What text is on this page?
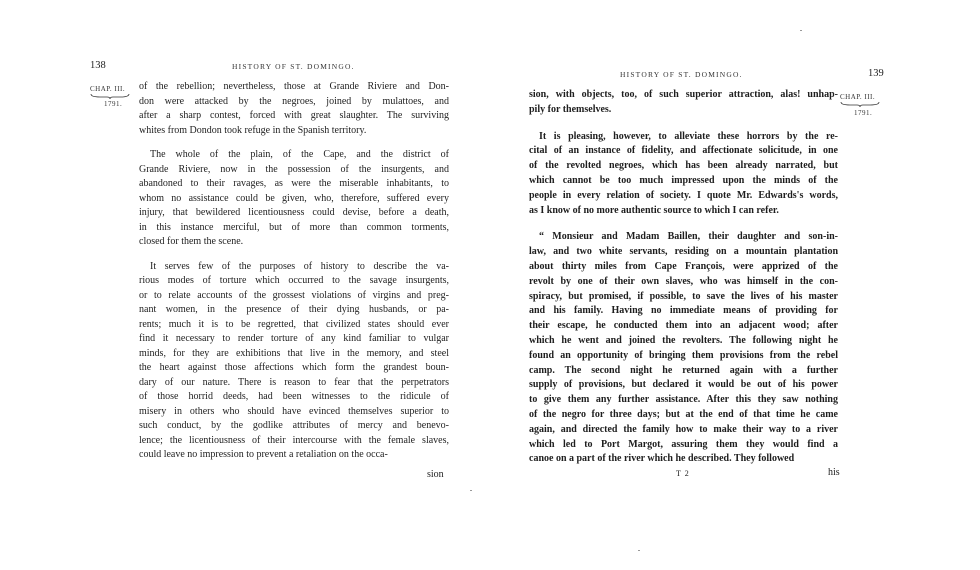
138	HISTORY OF ST. DOMINGO.
CHAP. III.
1791.
of the rebellion; nevertheless, those at Grande Riviere and Don-
don were attacked by the negroes, joined by mulattoes, and
after a sharp contest, forced with great slaughter. The surviving
whites from Dondon took refuge in the Spanish territory.
The whole of the plain, of the Cape, and the district of
Grande Riviere, now in the possession of the insurgents, and
abandoned to their ravages, as were the miserable inhabitants, to
whom no assistance could be given, who, therefore, suffered every
injury, that bewildered licentiousness could devise, before a death,
in this instance merciful, but of more than common torments,
closed for them the scene.
It serves few of the purposes of history to describe the va-
rious modes of torture which occurred to the savage insurgents,
or to relate accounts of the grossest violations of virgins and preg-
nant women, in the presence of their dying husbands, or pa-
rents; much it is to be regretted, that civilized states should ever
find it necessary to render torture of any kind familiar to vulgar
minds, for they are exhibitions that live in the memory, and steel
the heart against those affections which form the grandest boun-
dary of our nature. There is reason to fear that the perpetrators
of those horrid deeds, had been witnesses to the ridicule of
misery in others who should have evinced themselves superior to
such conduct, by the godlike attributes of mercy and benevo-
lence; the licentiousness of their intercourse with the female slaves,
could leave no impression to prevent a retaliation on the occa-
sion
HISTORY OF ST. DOMINGO.	139
CHAP. III.
1791.
sion, with objects, too, of such superior attraction, alas! unhap-
pily for themselves.
It is pleasing, however, to alleviate these horrors by the re-
cital of an instance of fidelity, and affectionate solicitude, in one
of the revolted negroes, which has been already narrated, but
which cannot be too much impressed upon the minds of the
people in every relation of society. I quote Mr. Edwards's words,
as I know of no more authentic source to which I can refer.
“ Monsieur and Madam Baillen, their daughter and son-in-
law, and two white servants, residing on a mountain plantation
about thirty miles from Cape François, were apprized of the
revolt by one of their own slaves, who was himself in the con-
spiracy, but promised, if possible, to save the lives of his master
and his family. Having no immediate means of providing for
their escape, he conducted them into an adjacent wood; after
which he went and joined the revolters. The following night he
found an opportunity of bringing them provisions from the rebel
camp. The second night he returned again with a further
supply of provisions, but declared it would be out of his power
to give them any further assistance. After this they saw nothing
of the negro for three days; but at the end of that time he came
again, and directed the family how to make their way to a river
which led to Port Margot, assuring them they would find a
canoe on a part of the river which he described. They followed
T 2	his
